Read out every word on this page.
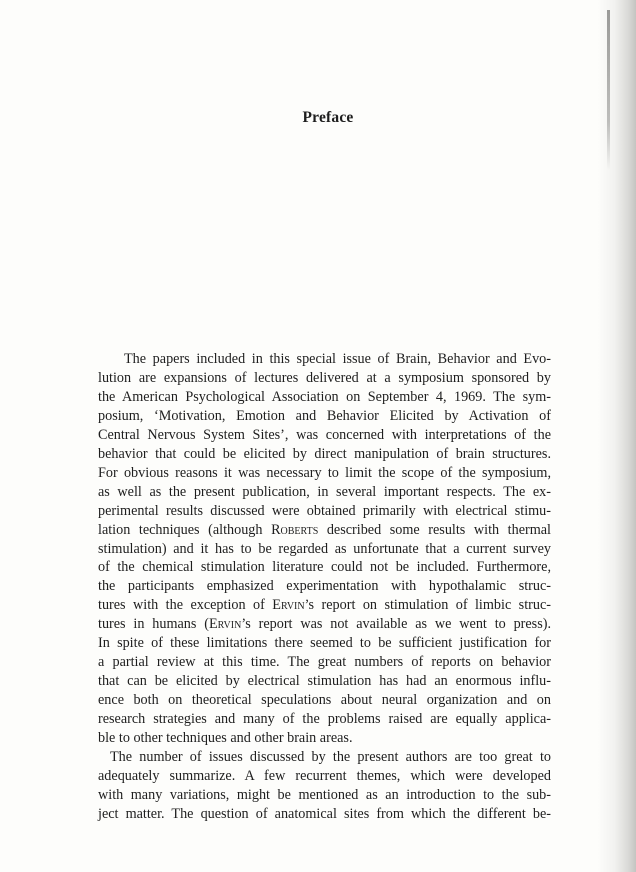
Preface
The papers included in this special issue of Brain, Behavior and Evo-
lution are expansions of lectures delivered at a symposium sponsored by
the American Psychological Association on September 4, 1969. The sym-
posium, ‘Motivation, Emotion and Behavior Elicited by Activation of
Central Nervous System Sites’, was concerned with interpretations of the
behavior that could be elicited by direct manipulation of brain structures.
For obvious reasons it was necessary to limit the scope of the symposium,
as well as the present publication, in several important respects. The ex-
perimental results discussed were obtained primarily with electrical stimu-
lation techniques (although Roberts described some results with thermal
stimulation) and it has to be regarded as unfortunate that a current survey
of the chemical stimulation literature could not be included. Furthermore,
the participants emphasized experimentation with hypothalamic struc-
tures with the exception of Ervin’s report on stimulation of limbic struc-
tures in humans (Ervin’s report was not available as we went to press).
In spite of these limitations there seemed to be sufficient justification for
a partial review at this time. The great numbers of reports on behavior
that can be elicited by electrical stimulation has had an enormous influ-
ence both on theoretical speculations about neural organization and on
research strategies and many of the problems raised are equally applica-
ble to other techniques and other brain areas.
The number of issues discussed by the present authors are too great to
adequately summarize. A few recurrent themes, which were developed
with many variations, might be mentioned as an introduction to the sub-
ject matter. The question of anatomical sites from which the different be-
